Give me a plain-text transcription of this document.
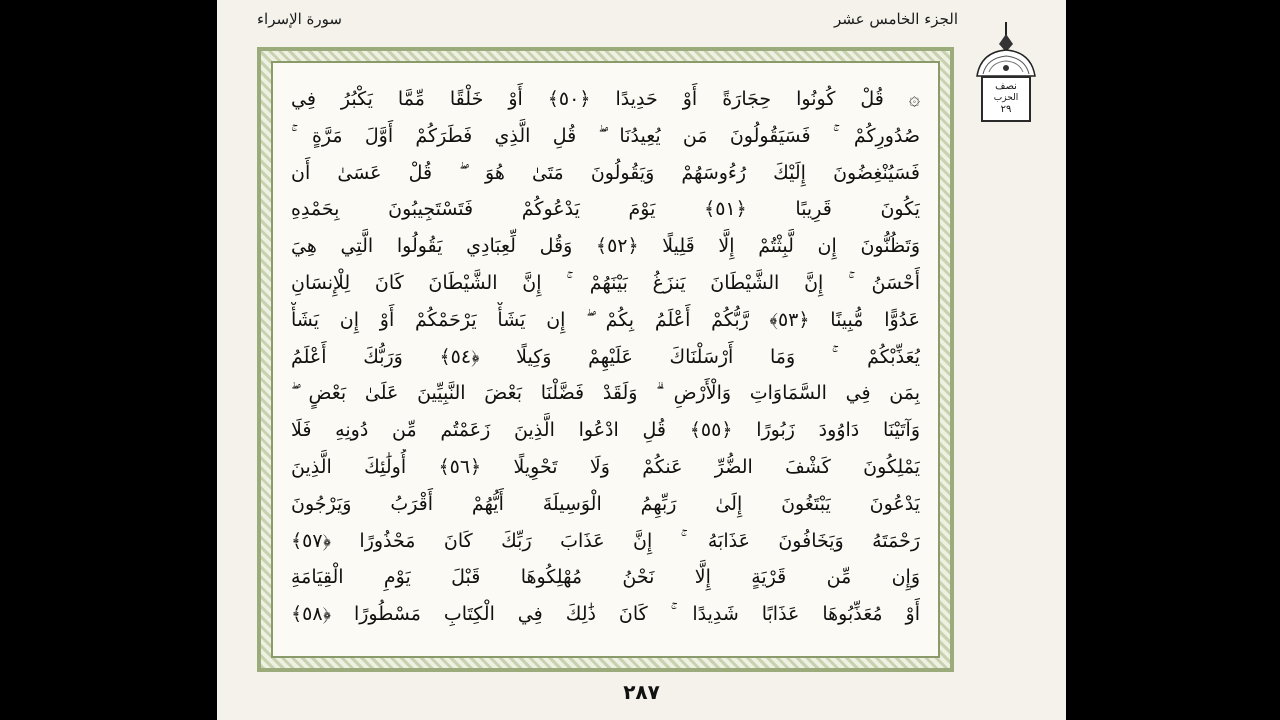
سورة الإسراء	الجزء الخامس عشر
نصف
الحزب
٢٩
۞ قُلْ كُونُوا حِجَارَةً أَوْ حَدِيدًا ﴿٥٠﴾ أَوْ خَلْقًا مِّمَّا يَكْبُرُ فِي
صُدُورِكُمْ ۚ فَسَيَقُولُونَ مَن يُعِيدُنَا ۖ قُلِ الَّذِي فَطَرَكُمْ أَوَّلَ مَرَّةٍ ۚ
فَسَيُنْغِضُونَ إِلَيْكَ رُءُوسَهُمْ وَيَقُولُونَ مَتَىٰ هُوَ ۖ قُلْ عَسَىٰ أَن
يَكُونَ قَرِيبًا ﴿٥١﴾ يَوْمَ يَدْعُوكُمْ فَتَسْتَجِيبُونَ بِحَمْدِهِ
وَتَظُنُّونَ إِن لَّبِثْتُمْ إِلَّا قَلِيلًا ﴿٥٢﴾ وَقُل لِّعِبَادِي يَقُولُوا الَّتِي هِيَ
أَحْسَنُ ۚ إِنَّ الشَّيْطَانَ يَنزَغُ بَيْنَهُمْ ۚ إِنَّ الشَّيْطَانَ كَانَ لِلْإِنسَانِ
عَدُوًّا مُّبِينًا ﴿٥٣﴾ رَّبُّكُمْ أَعْلَمُ بِكُمْ ۖ إِن يَشَأْ يَرْحَمْكُمْ أَوْ إِن يَشَأْ
يُعَذِّبْكُمْ ۚ وَمَا أَرْسَلْنَاكَ عَلَيْهِمْ وَكِيلًا ﴿٥٤﴾ وَرَبُّكَ أَعْلَمُ
بِمَن فِي السَّمَاوَاتِ وَالْأَرْضِ ۗ وَلَقَدْ فَضَّلْنَا بَعْضَ النَّبِيِّينَ عَلَىٰ بَعْضٍ ۖ
وَآتَيْنَا دَاوُودَ زَبُورًا ﴿٥٥﴾ قُلِ ادْعُوا الَّذِينَ زَعَمْتُم مِّن دُونِهِ فَلَا
يَمْلِكُونَ كَشْفَ الضُّرِّ عَنكُمْ وَلَا تَحْوِيلًا ﴿٥٦﴾ أُولَٰئِكَ الَّذِينَ
يَدْعُونَ يَبْتَغُونَ إِلَىٰ رَبِّهِمُ الْوَسِيلَةَ أَيُّهُمْ أَقْرَبُ وَيَرْجُونَ
رَحْمَتَهُ وَيَخَافُونَ عَذَابَهُ ۚ إِنَّ عَذَابَ رَبِّكَ كَانَ مَحْذُورًا ﴿٥٧﴾
وَإِن مِّن قَرْيَةٍ إِلَّا نَحْنُ مُهْلِكُوهَا قَبْلَ يَوْمِ الْقِيَامَةِ
أَوْ مُعَذِّبُوهَا عَذَابًا شَدِيدًا ۚ كَانَ ذَٰلِكَ فِي الْكِتَابِ مَسْطُورًا ﴿٥٨﴾
٢٨٧
